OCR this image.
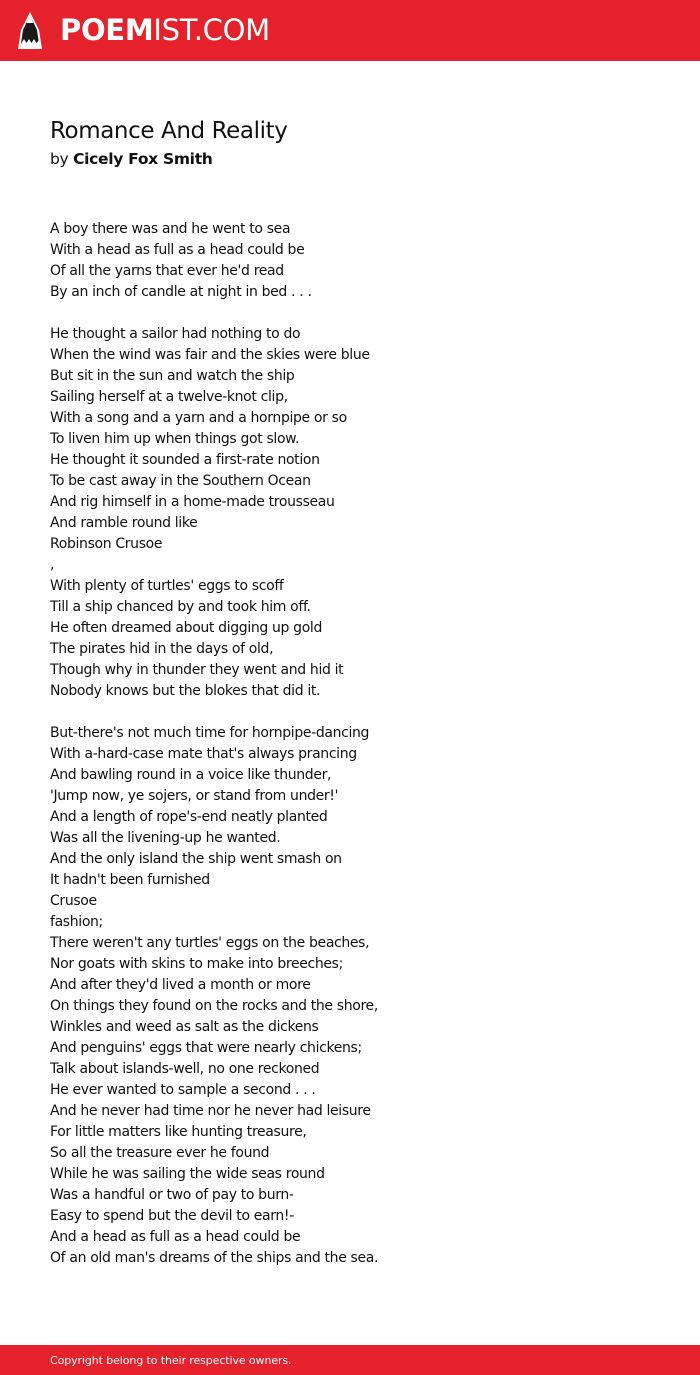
POEMIST.COM
Romance And Reality
by Cicely Fox Smith
A boy there was and he went to sea
With a head as full as a head could be
Of all the yarns that ever he'd read
By an inch of candle at night in bed . . .
He thought a sailor had nothing to do
When the wind was fair and the skies were blue
But sit in the sun and watch the ship
Sailing herself at a twelve-knot clip,
With a song and a yarn and a hornpipe or so
To liven him up when things got slow.
He thought it sounded a first-rate notion
To be cast away in the Southern Ocean
And rig himself in a home-made trousseau
And ramble round like
Robinson Crusoe
,
With plenty of turtles' eggs to scoff
Till a ship chanced by and took him off.
He often dreamed about digging up gold
The pirates hid in the days of old,
Though why in thunder they went and hid it
Nobody knows but the blokes that did it.
But-there's not much time for hornpipe-dancing
With a-hard-case mate that's always prancing
And bawling round in a voice like thunder,
'Jump now, ye sojers, or stand from under!'
And a length of rope's-end neatly planted
Was all the livening-up he wanted.
And the only island the ship went smash on
It hadn't been furnished
Crusoe
fashion;
There weren't any turtles' eggs on the beaches,
Nor goats with skins to make into breeches;
And after they'd lived a month or more
On things they found on the rocks and the shore,
Winkles and weed as salt as the dickens
And penguins' eggs that were nearly chickens;
Talk about islands-well, no one reckoned
He ever wanted to sample a second . . .
And he never had time nor he never had leisure
For little matters like hunting treasure,
So all the treasure ever he found
While he was sailing the wide seas round
Was a handful or two of pay to burn-
Easy to spend but the devil to earn!-
And a head as full as a head could be
Of an old man's dreams of the ships and the sea.
Copyright belong to their respective owners.
